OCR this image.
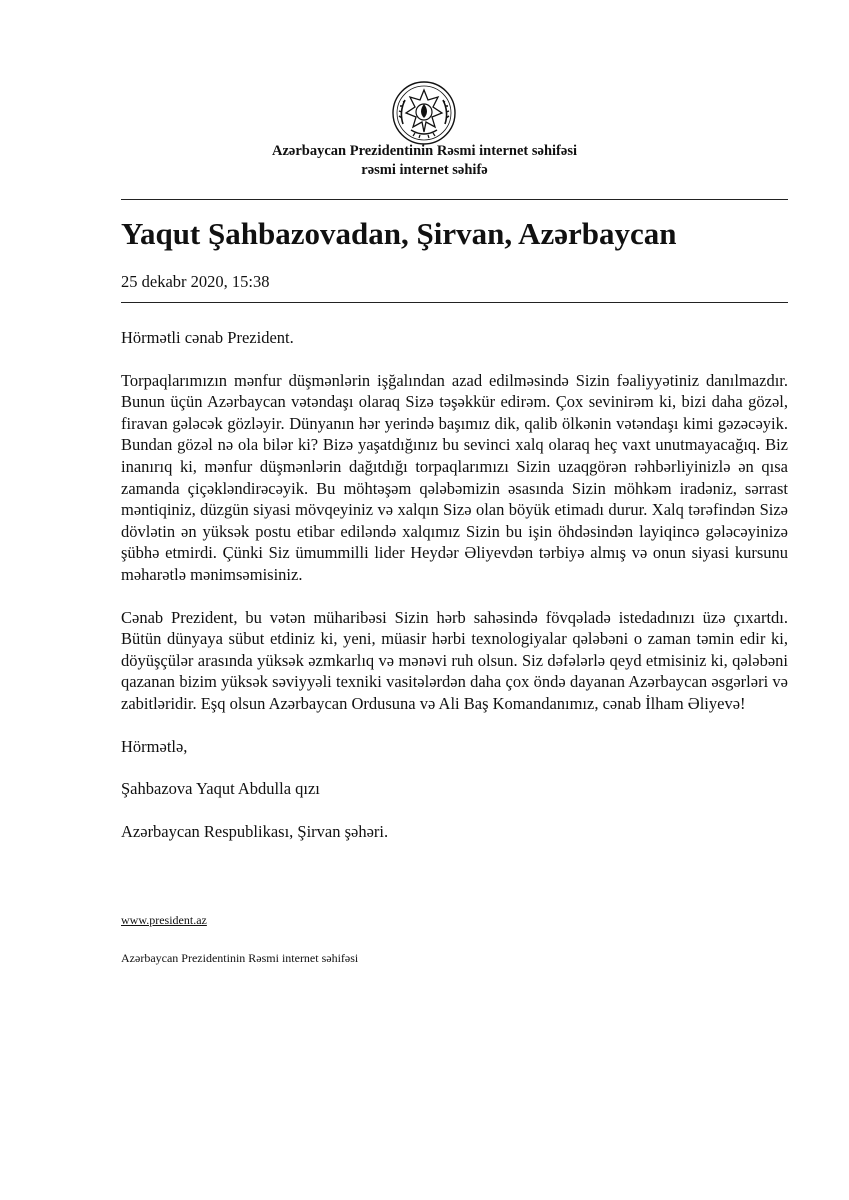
Azərbaycan Prezidentinin Rəsmi internet səhifəsi
rəsmi internet səhifə
Yaqut Şahbazovadan, Şirvan, Azərbaycan
25 dekabr 2020, 15:38

Hörmətli cənab Prezident.

Torpaqlarımızın mənfur düşmənlərin işğalından azad edilməsində Sizin fəaliyyətiniz danılmazdır. Bunun üçün Azərbaycan vətəndaşı olaraq Sizə təşəkkür edirəm. Çox sevinirəm ki, bizi daha gözəl, firavan gələcək gözləyir. Dünyanın hər yerində başımız dik, qalib ölkənin vətəndaşı kimi gəzəcəyik. Bundan gözəl nə ola bilər ki? Bizə yaşatdığınız bu sevinci xalq olaraq heç vaxt unutmayacağıq. Biz inanırıq ki, mənfur düşmənlərin dağıtdığı torpaqlarımızı Sizin uzaqgörən rəhbərliyinizlə ən qısa zamanda çiçəkləndirəcəyik. Bu möhtəşəm qələbəmizin əsasında Sizin möhkəm iradəniz, sərrast məntiqiniz, düzgün siyasi mövqeyiniz və xalqın Sizə olan böyük etimadı durur. Xalq tərəfindən Sizə dövlətin ən yüksək postu etibar ediləndə xalqımız Sizin bu işin öhdəsindən layiqincə gələcəyinizə şübhə etmirdi. Çünki Siz ümummilli lider Heydər Əliyevdən tərbiyə almış və onun siyasi kursunu məharətlə mənimsəmisiniz.

Cənab Prezident, bu vətən müharibəsi Sizin hərb sahəsində fövqəladə istedadınızı üzə çıxartdı. Bütün dünyaya sübut etdiniz ki, yeni, müasir hərbi texnologiyalar qələbəni o zaman təmin edir ki, döyüşçülər arasında yüksək əzmkarlıq və mənəvi ruh olsun. Siz dəfələrlə qeyd etmisiniz ki, qələbəni qazanan bizim yüksək səviyyəli texniki vasitələrdən daha çox öndə dayanan Azərbaycan əsgərləri və zabitləridir. Eşq olsun Azərbaycan Ordusuna və Ali Baş Komandanımız, cənab İlham Əliyevə!

Hörmətlə,

Şahbazova Yaqut Abdulla qızı

Azərbaycan Respublikası, Şirvan şəhəri.

www.president.az
Azərbaycan Prezidentinin Rəsmi internet səhifəsi
